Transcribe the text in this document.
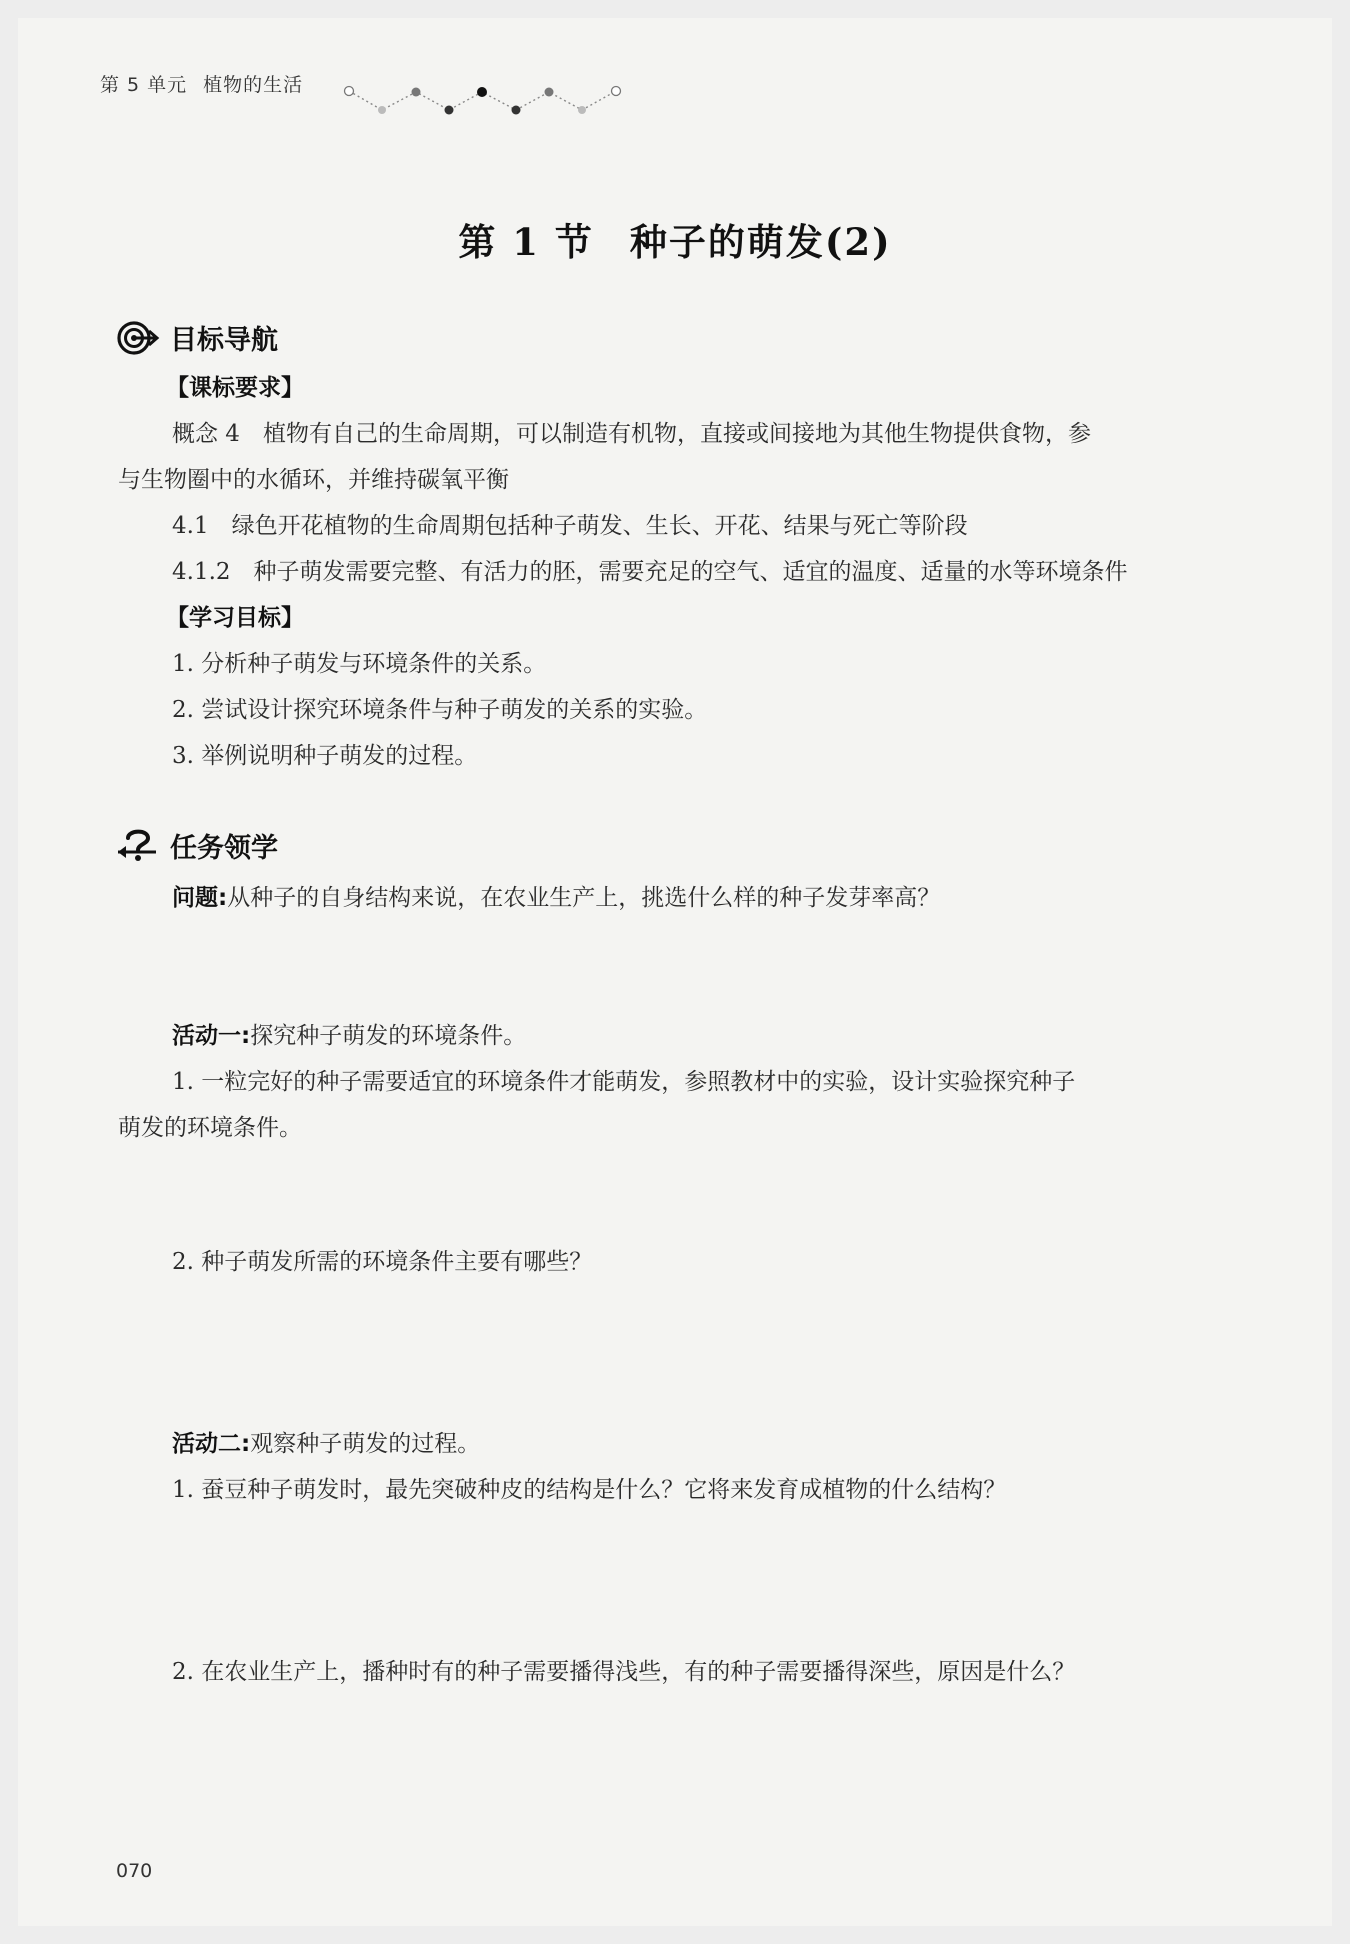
第 5 单元 植物的生活
第 1 节 种子的萌发(2)
目标导航
【课标要求】
概念 4　植物有自己的生命周期，可以制造有机物，直接或间接地为其他生物提供食物，参
与生物圈中的水循环，并维持碳氧平衡
4.1　绿色开花植物的生命周期包括种子萌发、生长、开花、结果与死亡等阶段
4.1.2　种子萌发需要完整、有活力的胚，需要充足的空气、适宜的温度、适量的水等环境条件
【学习目标】
1. 分析种子萌发与环境条件的关系。
2. 尝试设计探究环境条件与种子萌发的关系的实验。
3. 举例说明种子萌发的过程。
任务领学
问题:从种子的自身结构来说，在农业生产上，挑选什么样的种子发芽率高？
活动一:探究种子萌发的环境条件。
1. 一粒完好的种子需要适宜的环境条件才能萌发，参照教材中的实验，设计实验探究种子
萌发的环境条件。
2. 种子萌发所需的环境条件主要有哪些？
活动二:观察种子萌发的过程。
1. 蚕豆种子萌发时，最先突破种皮的结构是什么？它将来发育成植物的什么结构？
2. 在农业生产上，播种时有的种子需要播得浅些，有的种子需要播得深些，原因是什么？
070
